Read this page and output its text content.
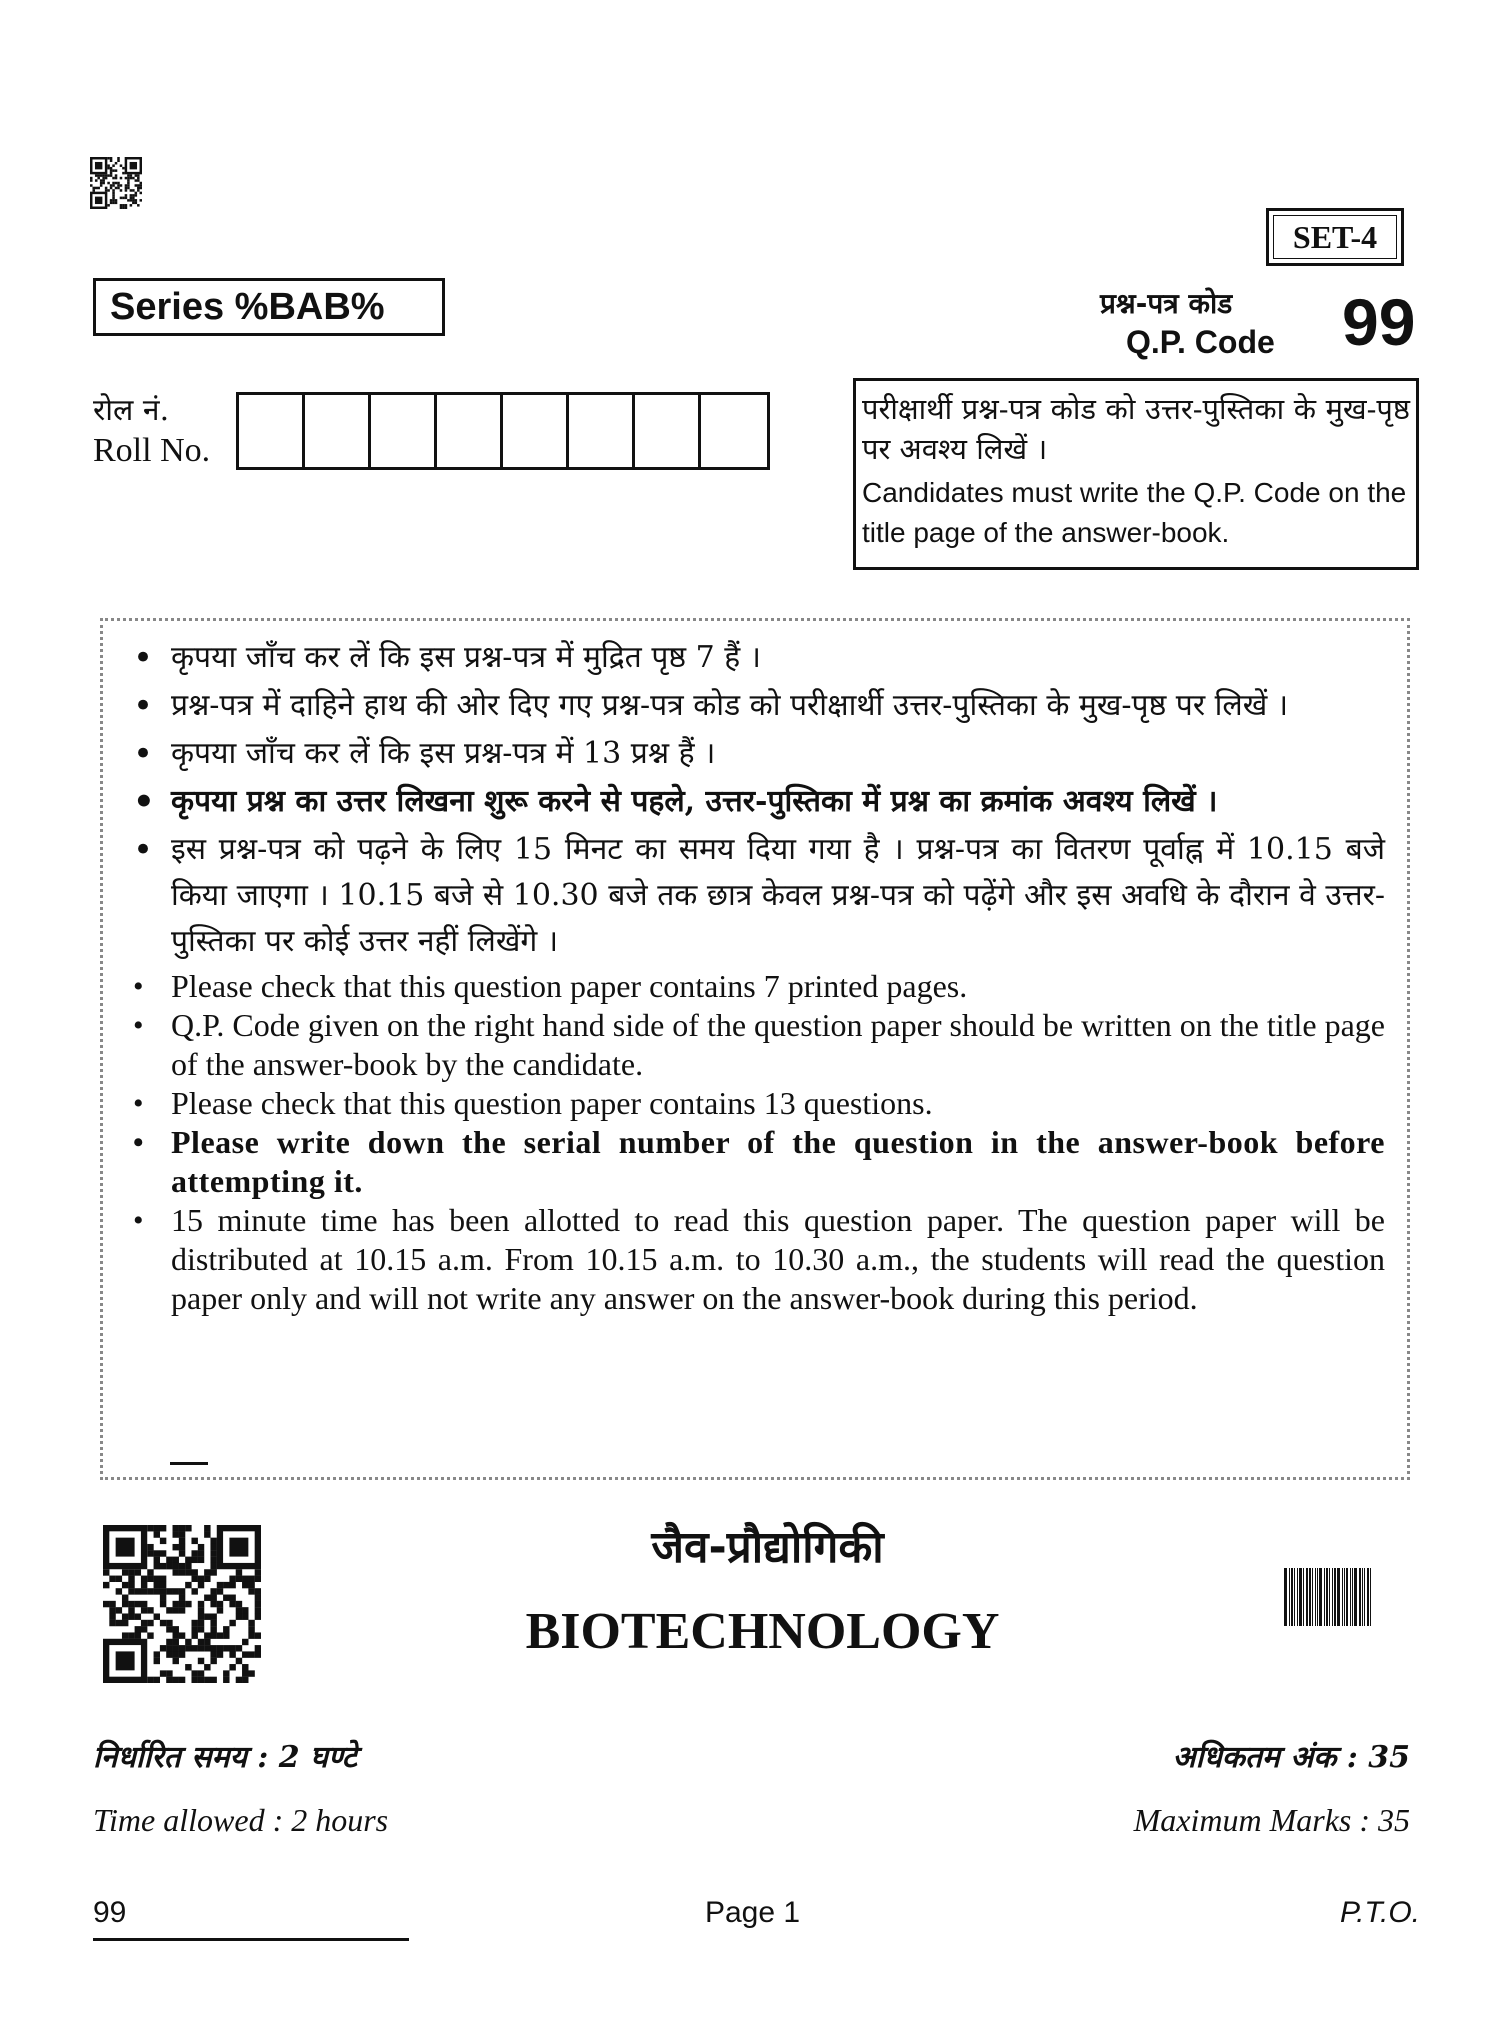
SET-4
Series %BAB%	प्रश्न-पत्र कोड
Q.P. Code 99
रोल नं.
Roll No.
परीक्षार्थी प्रश्न-पत्र कोड को उत्तर-पुस्तिका के मुख-पृष्ठ पर अवश्य लिखें ।
Candidates must write the Q.P. Code on the title page of the answer-book.
• कृपया जाँच कर लें कि इस प्रश्न-पत्र में मुद्रित पृष्ठ 7 हैं ।
• प्रश्न-पत्र में दाहिने हाथ की ओर दिए गए प्रश्न-पत्र कोड को परीक्षार्थी उत्तर-पुस्तिका के मुख-पृष्ठ पर लिखें ।
• कृपया जाँच कर लें कि इस प्रश्न-पत्र में 13 प्रश्न हैं ।
• कृपया प्रश्न का उत्तर लिखना शुरू करने से पहले, उत्तर-पुस्तिका में प्रश्न का क्रमांक अवश्य लिखें ।
• इस प्रश्न-पत्र को पढ़ने के लिए 15 मिनट का समय दिया गया है । प्रश्न-पत्र का वितरण पूर्वाह्न में 10.15 बजे किया जाएगा । 10.15 बजे से 10.30 बजे तक छात्र केवल प्रश्न-पत्र को पढ़ेंगे और इस अवधि के दौरान वे उत्तर-पुस्तिका पर कोई उत्तर नहीं लिखेंगे ।
• Please check that this question paper contains 7 printed pages.
• Q.P. Code given on the right hand side of the question paper should be written on the title page of the answer-book by the candidate.
• Please check that this question paper contains 13 questions.
• Please write down the serial number of the question in the answer-book before attempting it.
• 15 minute time has been allotted to read this question paper. The question paper will be distributed at 10.15 a.m. From 10.15 a.m. to 10.30 a.m., the students will read the question paper only and will not write any answer on the answer-book during this period.
जैव-प्रौद्योगिकी
BIOTECHNOLOGY
निर्धारित समय : 2 घण्टे	अधिकतम अंक : 35
Time allowed : 2 hours	Maximum Marks : 35
99	Page 1	P.T.O.
